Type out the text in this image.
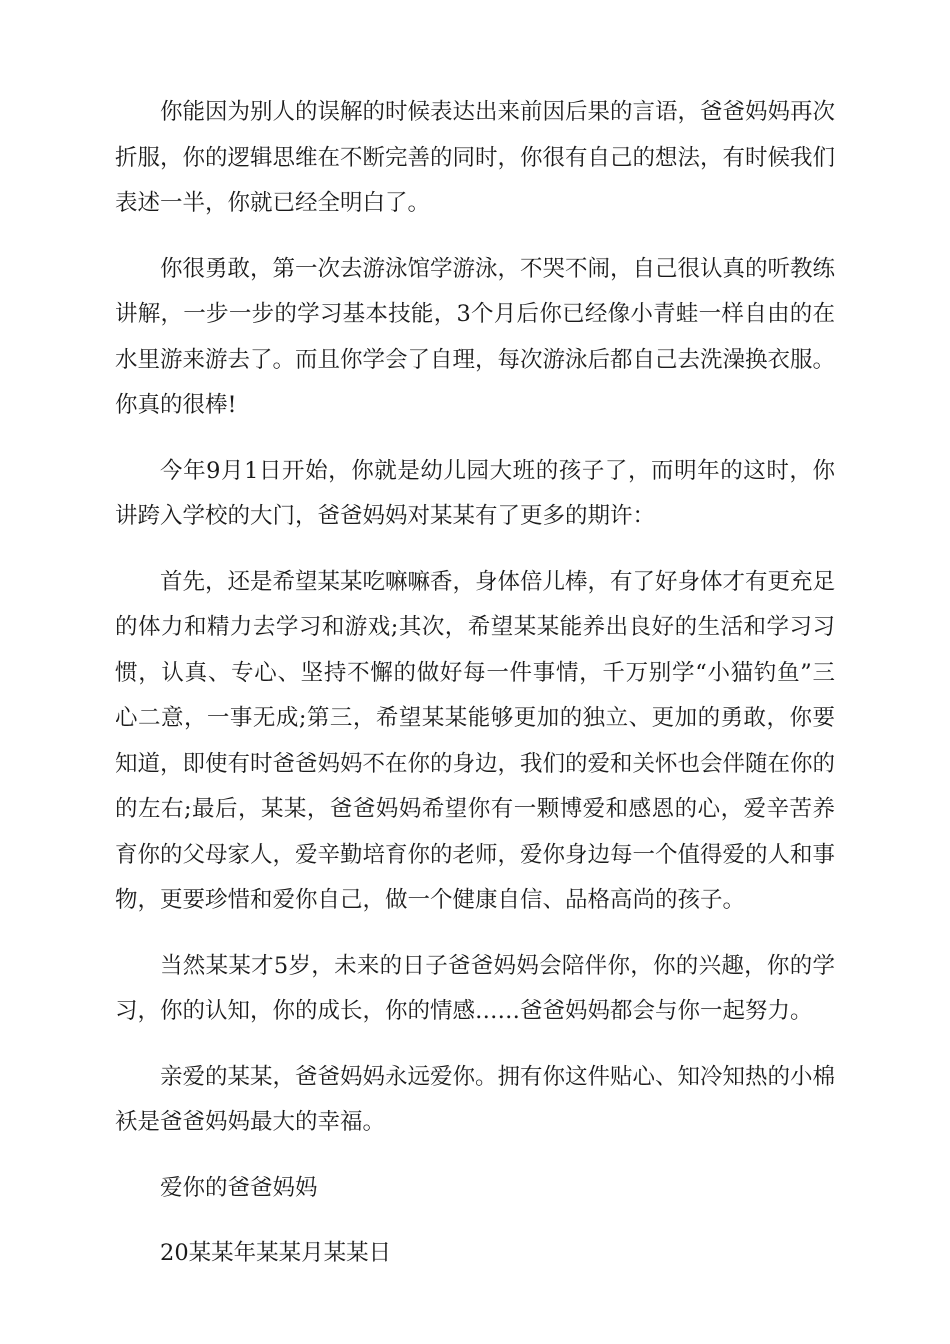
你能因为别人的误解的时候表达出来前因后果的言语，爸爸妈妈再次折服，你的逻辑思维在不断完善的同时，你很有自己的想法，有时候我们表述一半，你就已经全明白了。

你很勇敢，第一次去游泳馆学游泳，不哭不闹，自己很认真的听教练讲解，一步一步的学习基本技能，3个月后你已经像小青蛙一样自由的在水里游来游去了。而且你学会了自理，每次游泳后都自己去洗澡换衣服。你真的很棒!

今年9月1日开始，你就是幼儿园大班的孩子了，而明年的这时，你讲跨入学校的大门，爸爸妈妈对某某有了更多的期许：

首先，还是希望某某吃嘛嘛香，身体倍儿棒，有了好身体才有更充足的体力和精力去学习和游戏;其次，希望某某能养出良好的生活和学习习惯，认真、专心、坚持不懈的做好每一件事情，千万别学“小猫钓鱼”三心二意，一事无成;第三，希望某某能够更加的独立、更加的勇敢，你要知道，即使有时爸爸妈妈不在你的身边，我们的爱和关怀也会伴随在你的的左右;最后，某某，爸爸妈妈希望你有一颗博爱和感恩的心，爱辛苦养育你的父母家人，爱辛勤培育你的老师，爱你身边每一个值得爱的人和事物，更要珍惜和爱你自己，做一个健康自信、品格高尚的孩子。

当然某某才5岁，未来的日子爸爸妈妈会陪伴你，你的兴趣，你的学习，你的认知，你的成长，你的情感……爸爸妈妈都会与你一起努力。

亲爱的某某，爸爸妈妈永远爱你。拥有你这件贴心、知冷知热的小棉袄是爸爸妈妈最大的幸福。

爱你的爸爸妈妈

20某某年某某月某某日
